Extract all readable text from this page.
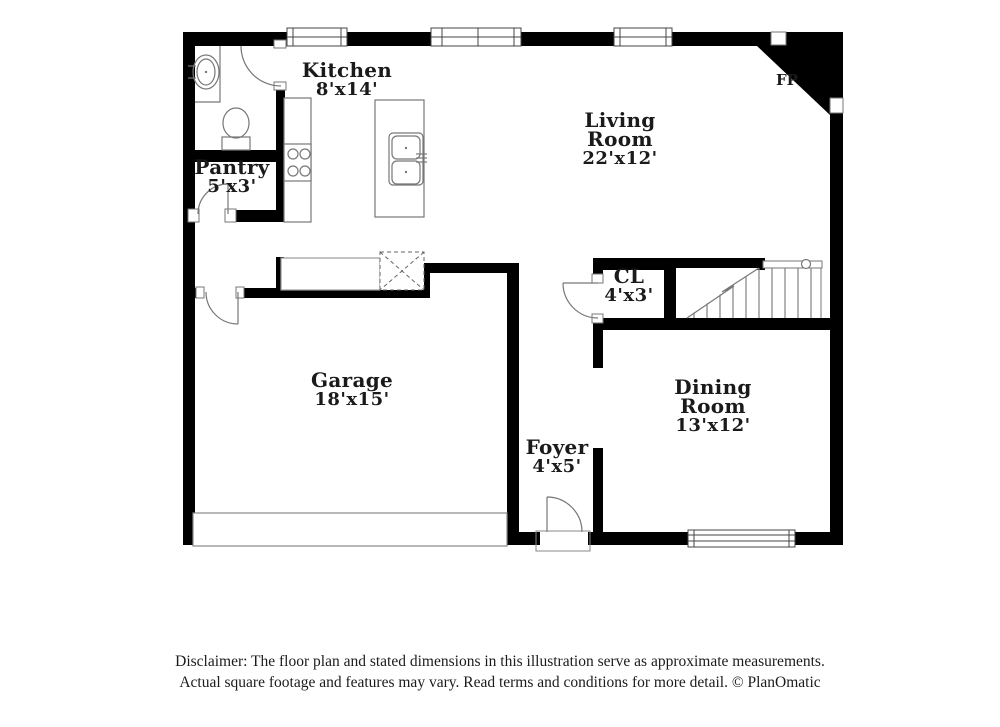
Kitchen
8'x14'
Living Room
22'x12'
Pantry
5'x3'
CL
4'x3'
Garage
18'x15'
Foyer
4'x5'
Dining Room
13'x12'
FP
Disclaimer: The floor plan and stated dimensions in this illustration serve as approximate measurements.
Actual square footage and features may vary. Read terms and conditions for more detail. © PlanOmatic
